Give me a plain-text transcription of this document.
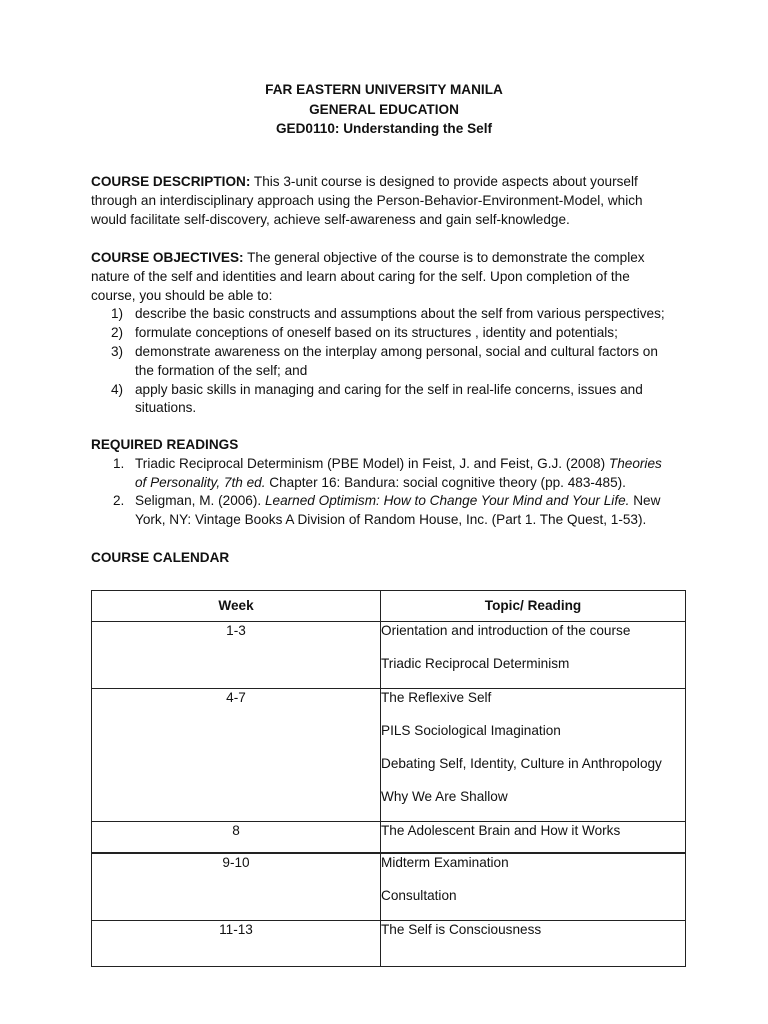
FAR EASTERN UNIVERSITY MANILA
GENERAL EDUCATION
GED0110: Understanding the Self
COURSE DESCRIPTION: This 3-unit course is designed to provide aspects about yourself
through an interdisciplinary approach using the Person-Behavior-Environment-Model, which
would facilitate self-discovery, achieve self-awareness and gain self-knowledge.
COURSE OBJECTIVES: The general objective of the course is to demonstrate the complex
nature of the self and identities and learn about caring for the self. Upon completion of the
course, you should be able to:
1) describe the basic constructs and assumptions about the self from various perspectives;
2) formulate conceptions of oneself based on its structures , identity and potentials;
3) demonstrate awareness on the interplay among personal, social and cultural factors on the formation of the self; and
4) apply basic skills in managing and caring for the self in real-life concerns, issues and situations.
REQUIRED READINGS
1. Triadic Reciprocal Determinism (PBE Model) in Feist, J. and Feist, G.J. (2008) Theories of Personality, 7th ed. Chapter 16: Bandura: social cognitive theory (pp. 483-485).
2. Seligman, M. (2006). Learned Optimism: How to Change Your Mind and Your Life. New York, NY: Vintage Books A Division of Random House, Inc. (Part 1. The Quest, 1-53).
COURSE CALENDAR
Week	Topic/ Reading
1-3	Orientation and introduction of the course
Triadic Reciprocal Determinism

4-7	The Reflexive Self
PILS Sociological Imagination
Debating Self, Identity, Culture in Anthropology
Why We Are Shallow

8	The Adolescent Brain and How it Works

9-10	Midterm Examination
Consultation

11-13	The Self is Consciousness
